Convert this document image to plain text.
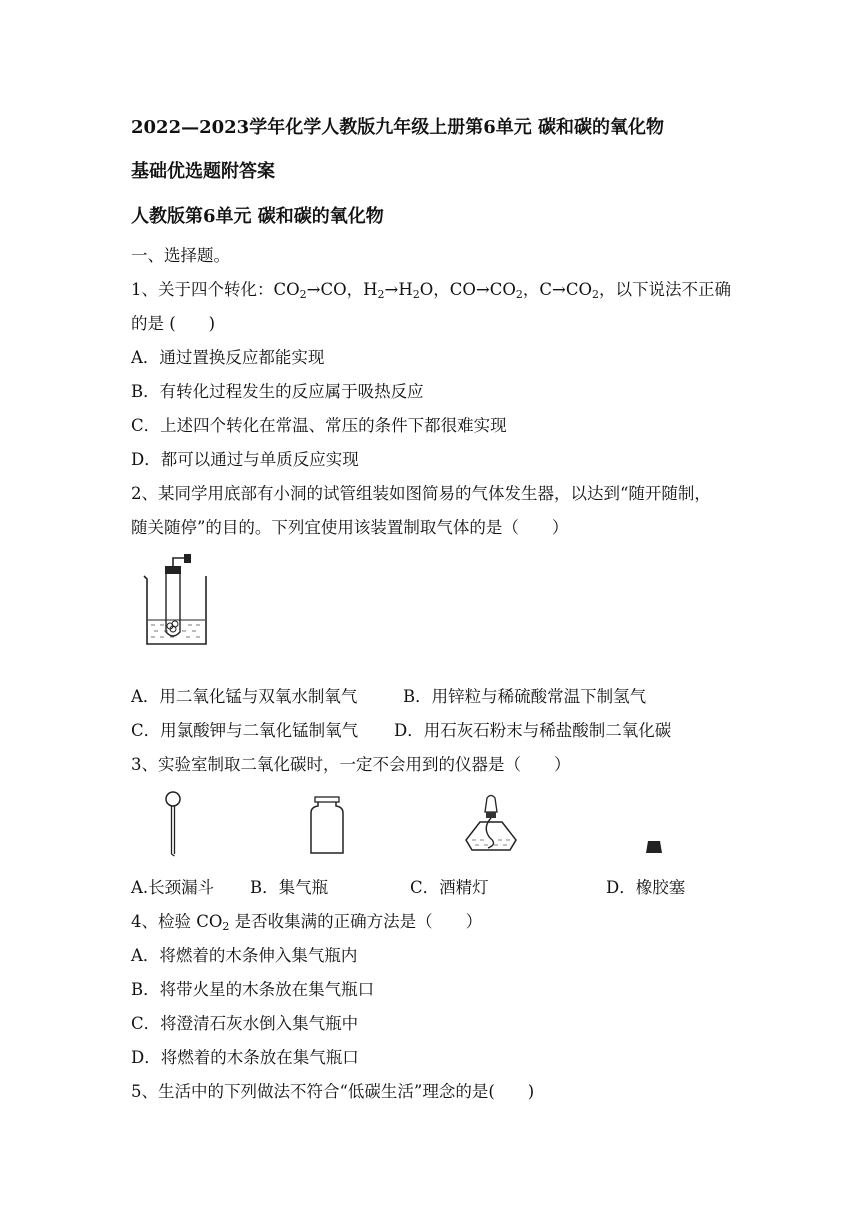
2022—2023学年化学人教版九年级上册第6单元 碳和碳的氧化物
基础优选题附答案
人教版第6单元 碳和碳的氧化物
一、选择题。
1、关于四个转化：$CO_2\to CO$，$H_2\to H_2O$，$CO\to CO_2$，$C\to CO_2$，以下说法不正确
的是 (　　)
A．通过置换反应都能实现
B．有转化过程发生的反应属于吸热反应
C．上述四个转化在常温、常压的条件下都很难实现
D．都可以通过与单质反应实现
2、某同学用底部有小洞的试管组装如图简易的气体发生器，以达到“随开随制，
随关随停”的目的。下列宜使用该装置制取气体的是（　　）
A．用二氧化锰与双氧水制氧气	B．用锌粒与稀硫酸常温下制氢气
C．用氯酸钾与二氧化锰制氧气 D．用石灰石粉末与稀盐酸制二氧化碳
3、实验室制取二氧化碳时，一定不会用到的仪器是（　　）
A.长颈漏斗 B．集气瓶	C．酒精灯	D．橡胶塞
4、检验 $CO_2$ 是否收集满的正确方法是（　　）
A．将燃着的木条伸入集气瓶内
B．将带火星的木条放在集气瓶口
C．将澄清石灰水倒入集气瓶中
D．将燃着的木条放在集气瓶口
5、生活中的下列做法不符合“低碳生活”理念的是(　　)
